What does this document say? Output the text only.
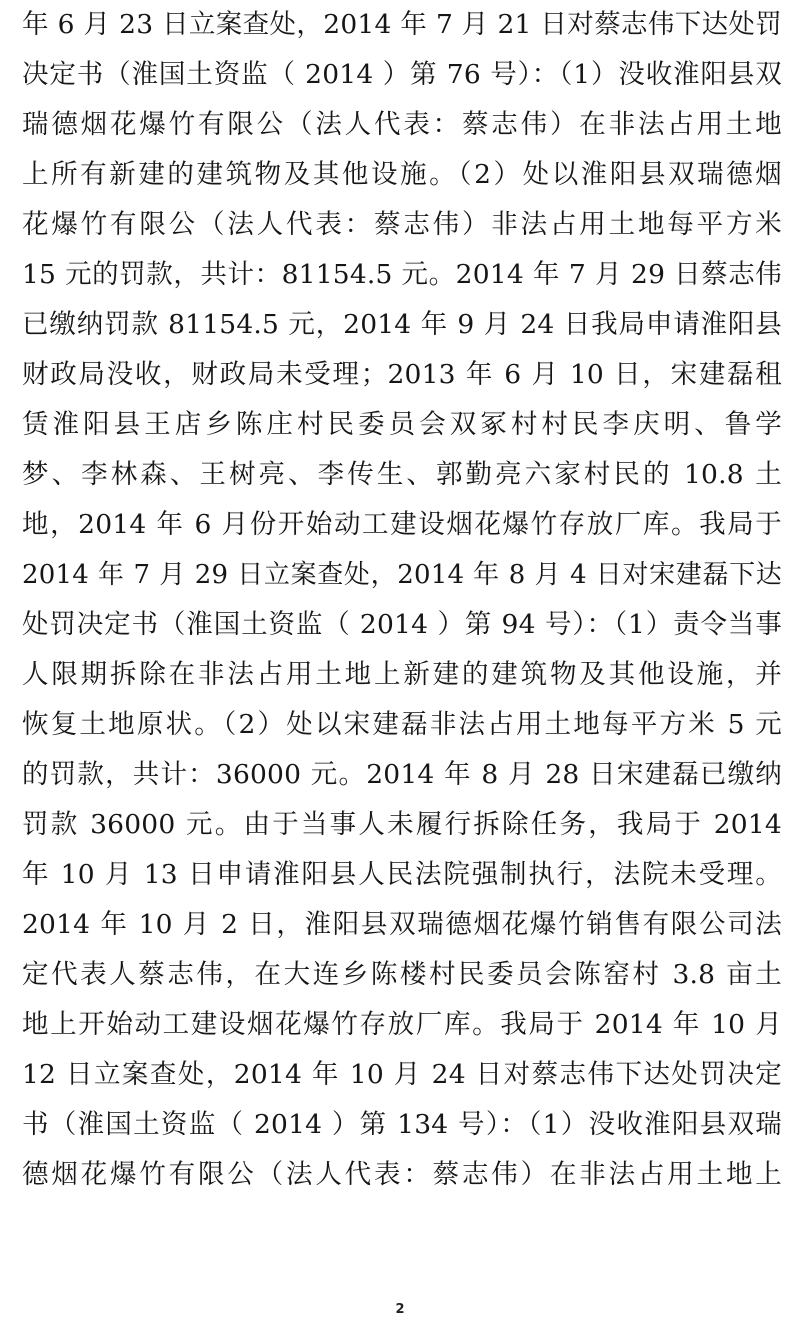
年 6 月 23 日立案查处，2014 年 7 月 21 日对蔡志伟下达处罚
决定书（淮国土资监（ 2014 ）第 76 号）：（1）没收淮阳县双
瑞德烟花爆竹有限公（法人代表：蔡志伟）在非法占用土地
上所有新建的建筑物及其他设施。（2）处以淮阳县双瑞德烟
花爆竹有限公（法人代表：蔡志伟）非法占用土地每平方米
15 元的罚款，共计：81154.5 元。2014 年 7 月 29 日蔡志伟
已缴纳罚款 81154.5 元，2014 年 9 月 24 日我局申请淮阳县
财政局没收，财政局未受理；2013 年 6 月 10 日，宋建磊租
赁淮阳县王店乡陈庄村民委员会双冢村村民李庆明、鲁学
梦、李林森、王树亮、李传生、郭勤亮六家村民的 10.8 土
地，2014 年 6 月份开始动工建设烟花爆竹存放厂库。我局于
2014 年 7 月 29 日立案查处，2014 年 8 月 4 日对宋建磊下达
处罚决定书（淮国土资监（ 2014 ）第 94 号）：（1）责令当事
人限期拆除在非法占用土地上新建的建筑物及其他设施，并
恢复土地原状。（2）处以宋建磊非法占用土地每平方米 5 元
的罚款，共计：36000 元。2014 年 8 月 28 日宋建磊已缴纳
罚款 36000 元。由于当事人未履行拆除任务，我局于 2014
年 10 月 13 日申请淮阳县人民法院强制执行，法院未受理。
2014 年 10 月 2 日，淮阳县双瑞德烟花爆竹销售有限公司法
定代表人蔡志伟，在大连乡陈楼村民委员会陈窑村 3.8 亩土
地上开始动工建设烟花爆竹存放厂库。我局于 2014 年 10 月
12 日立案查处，2014 年 10 月 24 日对蔡志伟下达处罚决定
书（淮国土资监（ 2014 ）第 134 号）：（1）没收淮阳县双瑞
德烟花爆竹有限公（法人代表：蔡志伟）在非法占用土地上
2
